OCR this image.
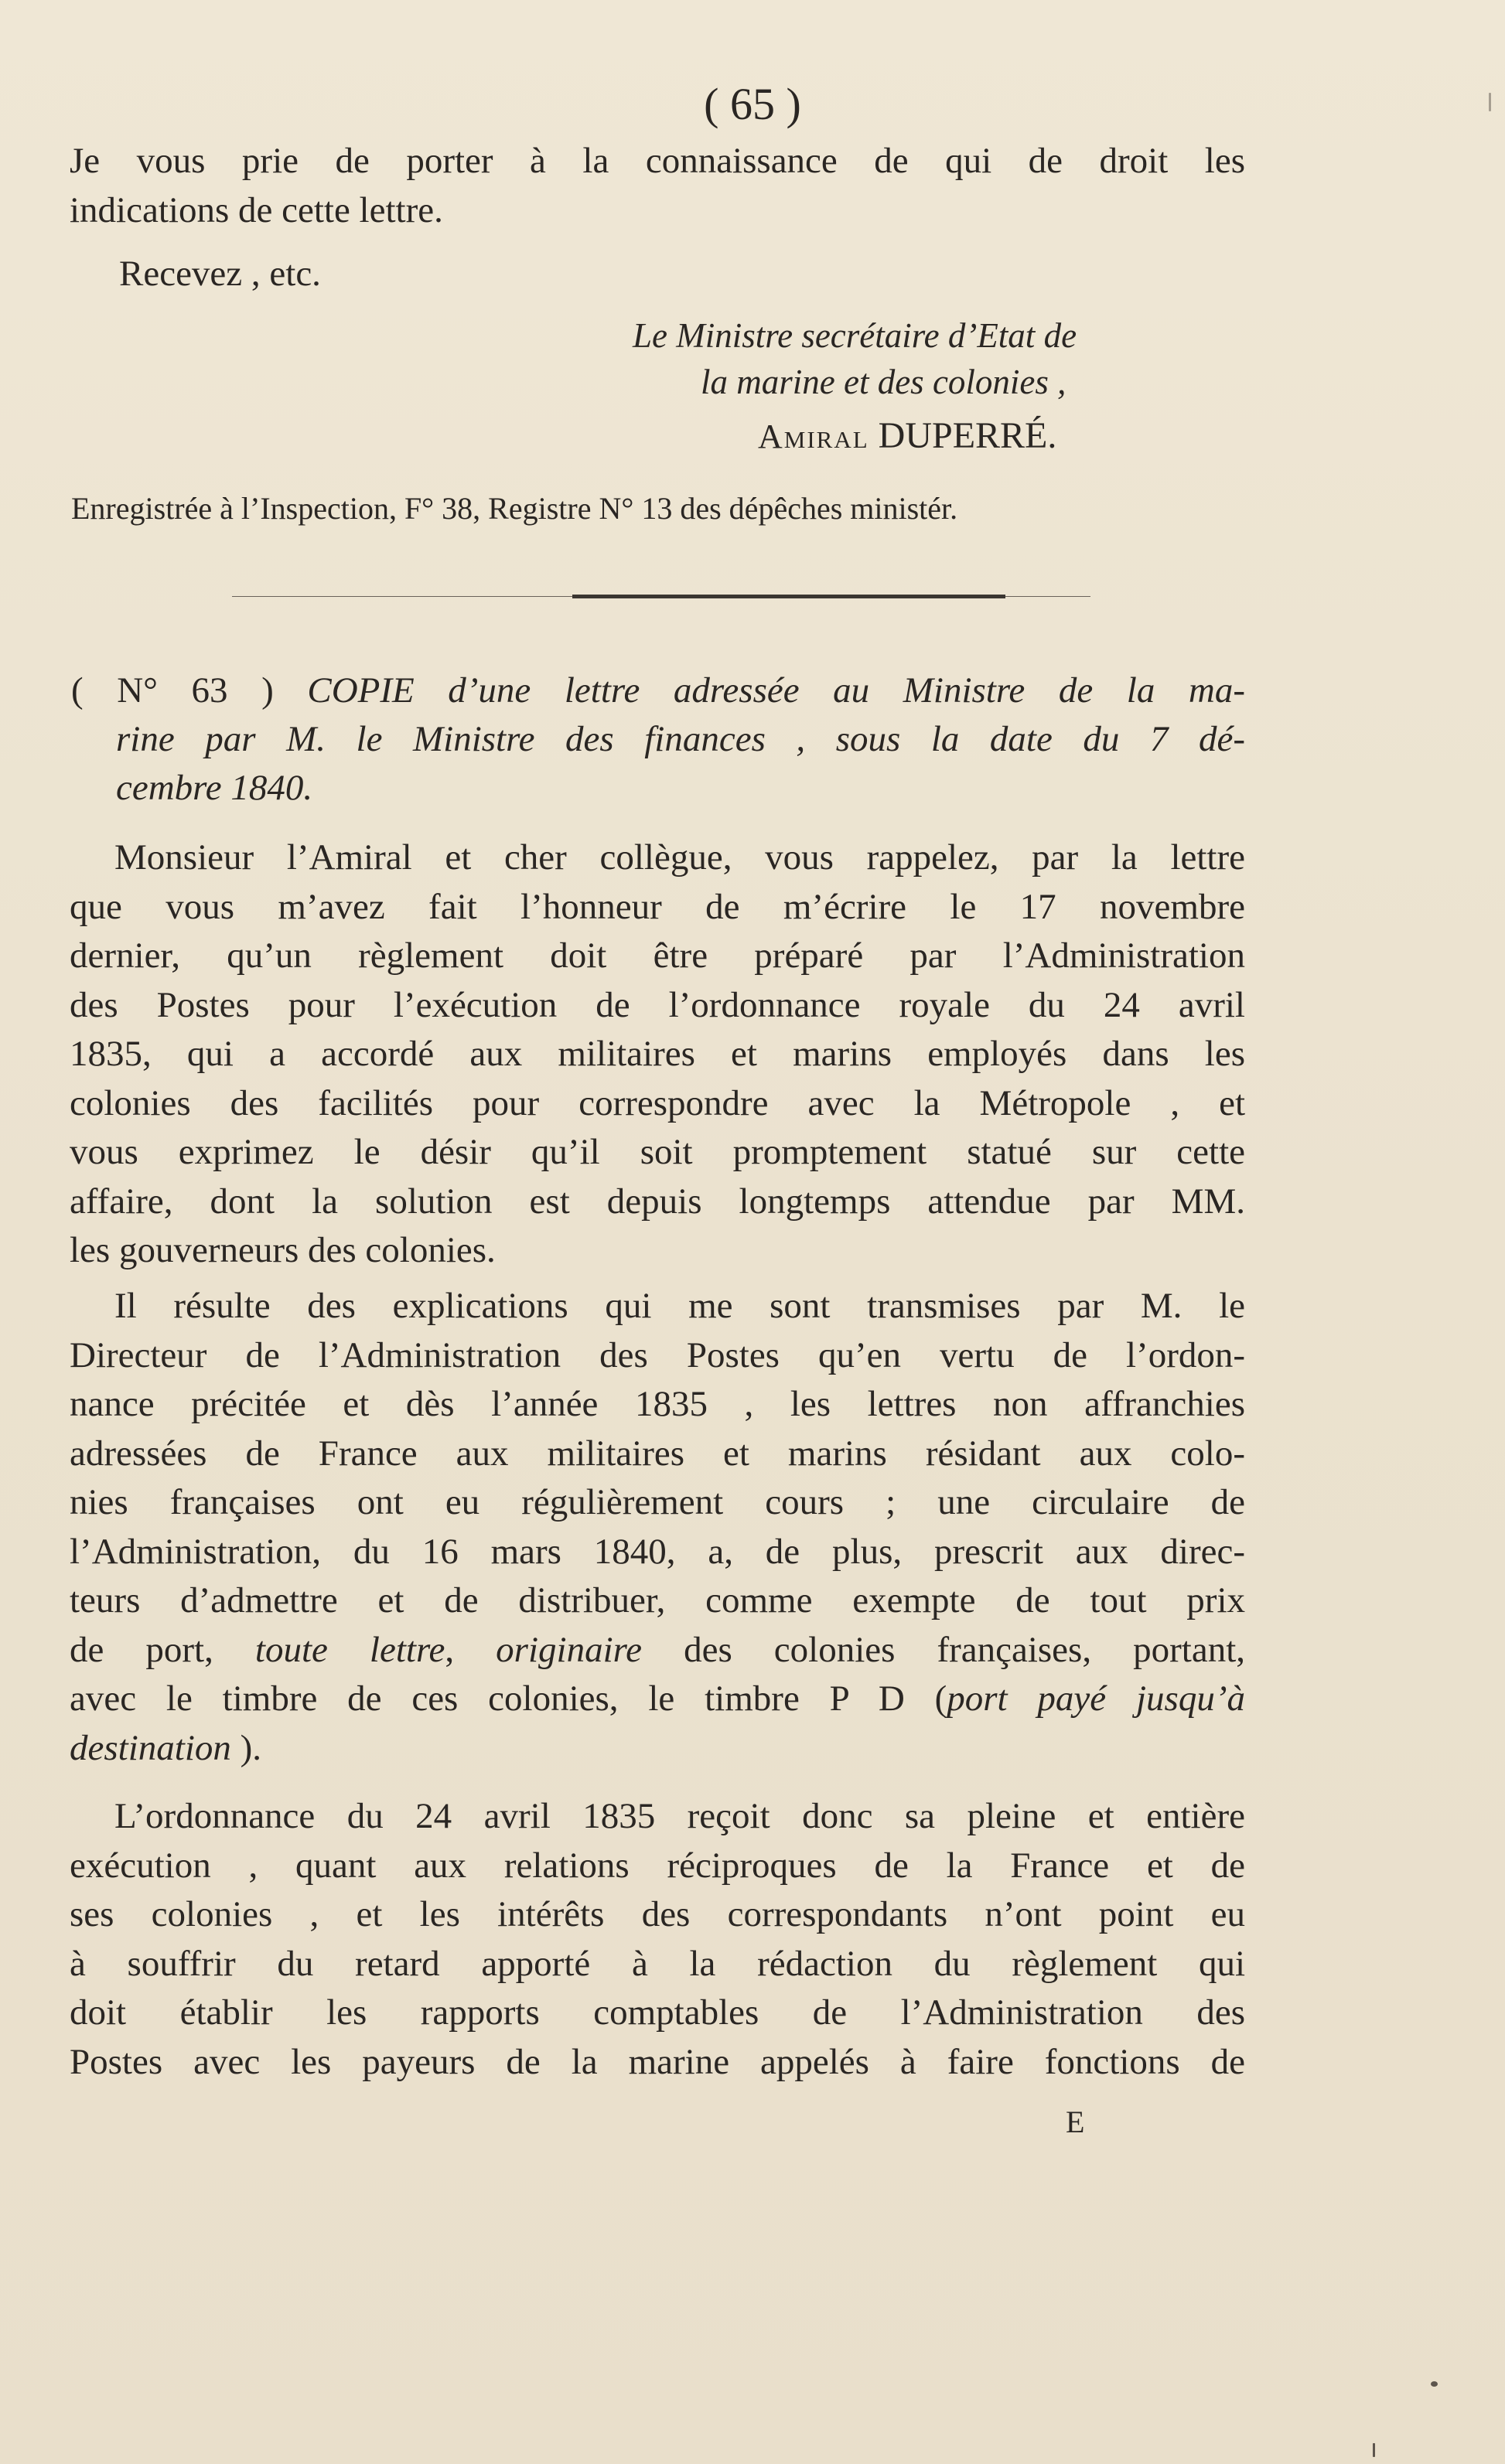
( 65 )
Je vous prie de porter à la connaissance de qui de droit les
indications de cette lettre.
Recevez , etc.
Le Ministre secrétaire d’Etat de
la marine et des colonies ,
Amiral DUPERRÉ.
Enregistrée à l’Inspection, F° 38, Registre N° 13 des dépêches ministér.
( N° 63 ) COPIE d’une lettre adressée au Ministre de la ma-
rine par M. le Ministre des finances , sous la date du 7 dé-
cembre 1840.
Monsieur l’Amiral et cher collègue, vous rappelez, par la lettre
que vous m’avez fait l’honneur de m’écrire le 17 novembre
dernier, qu’un règlement doit être préparé par l’Administration
des Postes pour l’exécution de l’ordonnance royale du 24 avril
1835, qui a accordé aux militaires et marins employés dans les
colonies des facilités pour correspondre avec la Métropole , et
vous exprimez le désir qu’il soit promptement statué sur cette
affaire, dont la solution est depuis longtemps attendue par MM.
les gouverneurs des colonies.
Il résulte des explications qui me sont transmises par M. le
Directeur de l’Administration des Postes qu’en vertu de l’ordon-
nance précitée et dès l’année 1835 , les lettres non affranchies
adressées de France aux militaires et marins résidant aux colo-
nies françaises ont eu régulièrement cours ; une circulaire de
l’Administration, du 16 mars 1840, a, de plus, prescrit aux direc-
teurs d’admettre et de distribuer, comme exempte de tout prix
de port, toute lettre, originaire des colonies françaises, portant,
avec le timbre de ces colonies, le timbre P D (port payé jusqu’à
destination ).
L’ordonnance du 24 avril 1835 reçoit donc sa pleine et entière
exécution , quant aux relations réciproques de la France et de
ses colonies , et les intérêts des correspondants n’ont point eu
à souffrir du retard apporté à la rédaction du règlement qui
doit établir les rapports comptables de l’Administration des
Postes avec les payeurs de la marine appelés à faire fonctions de
E
